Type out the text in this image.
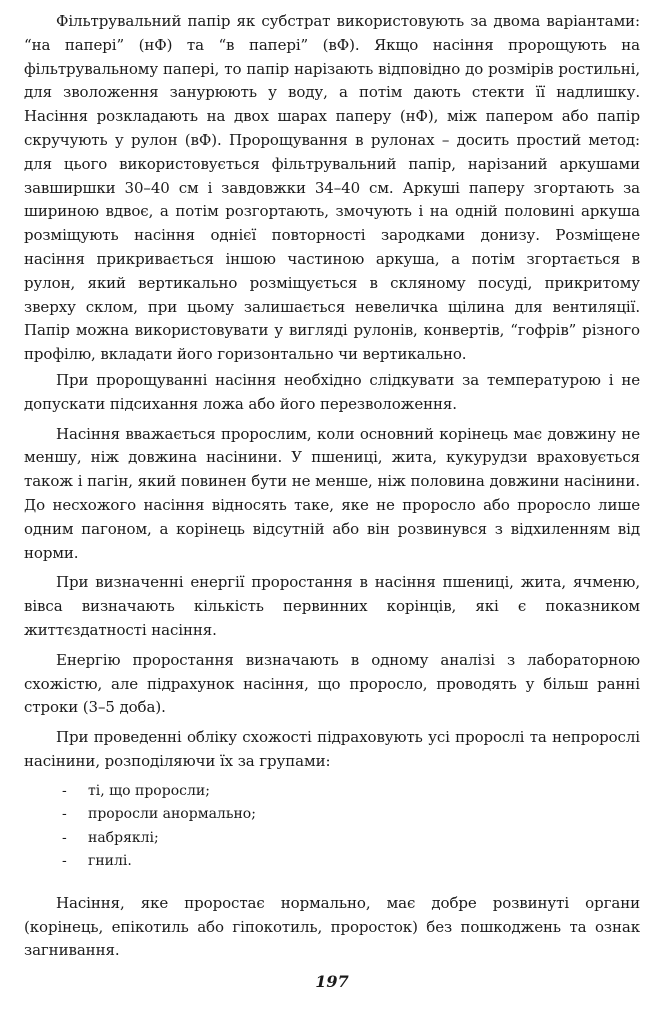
Фільтрувальний папір як субстрат використовують за двома варіантами: “на папері” (нФ) та “в папері” (вФ). Якщо насіння пророщують на фільтрувальному папері, то папір нарізають відповідно до розмірів ростильні, для зволоження занурюють у воду, а потім дають стекти її надлишку. Насіння розкладають на двох шарах паперу (нФ), між папером або папір скручують у рулон (вФ). Пророщування в рулонах – досить простий метод: для цього використовується фільтрувальний папір, нарізаний аркушами завширшки 30–40 см і завдовжки 34–40 см. Аркуші паперу згортають за шириною вдвоє, а потім розгортають, змочують і на одній половині аркуша розміщують насіння однієї повторності зародками донизу. Розміщене насіння прикривається іншою частиною аркуша, а потім згортається в рулон, який вертикально розміщується в скляному посуді, прикритому зверху склом, при цьому залишається невеличка щілина для вентиляції. Папір можна використовувати у вигляді рулонів, конвертів, “гофрів” різного профілю, вкладати його горизонтально чи вертикально.

При пророщуванні насіння необхідно слідкувати за температурою і не допускати підсихання ложа або його перезволоження.

Насіння вважається пророслим, коли основний корінець має довжину не меншу, ніж довжина насінини. У пшениці, жита, кукурудзи враховується також і пагін, який повинен бути не менше, ніж половина довжини насінини. До несхожого насіння відносять таке, яке не проросло або проросло лише одним пагоном, а корінець відсутній або він розвинувся з відхиленням від норми.

При визначенні енергії проростання в насіння пшениці, жита, ячменю, вівса визначають кількість первинних корінців, які є показником життєздатності насіння.

Енергію проростання визначають в одному аналізі з лабораторною схожістю, але підрахунок насіння, що проросло, проводять у більш ранні строки (3–5 доба).

При проведенні обліку схожості підраховують усі пророслі та непророслі насінини, розподіляючи їх за групами:

- ті, що проросли;
- проросли анормально;
- набряклі;
- гнилі.

Насіння, яке проростає нормально, має добре розвинуті органи (корінець, епікотиль або гіпокотиль, проросток) без пошкоджень та ознак загнивання.

197
